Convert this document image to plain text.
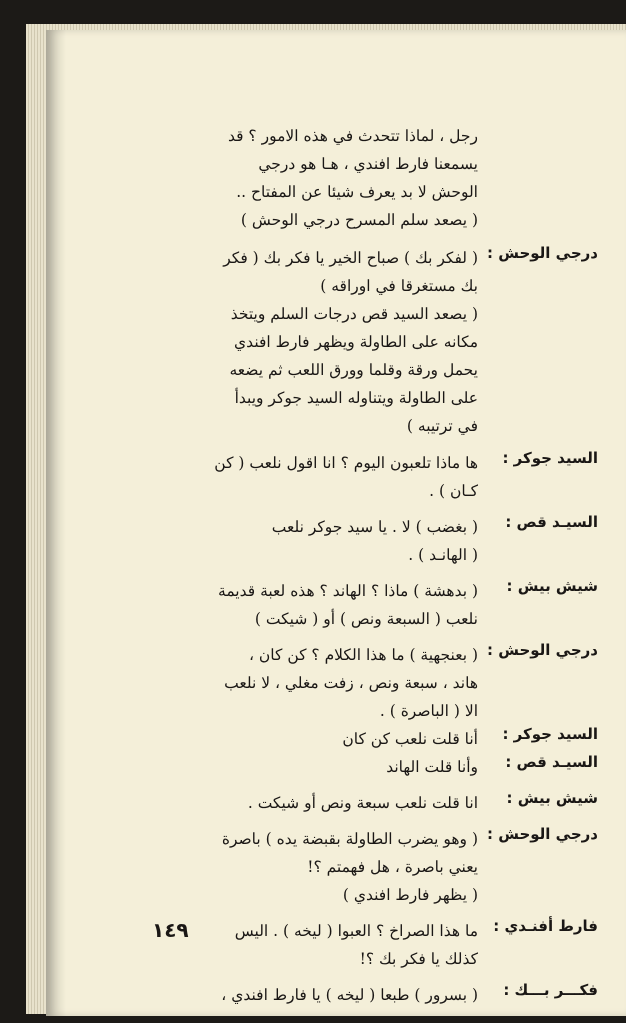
رجل ، لماذا تتحدث في هذه الامور ؟ قد
يسمعنا فارط افندي ، هـا هو درجي
الوحش لا بد يعرف شيئا عن المفتاح ..
( يصعد سلم المسرح درجي الوحش )
درجي الوحش :
( لفكر بك ) صباح الخير يا فكر بك ( فكر
بك مستغرقا في اوراقه )
( يصعد السيد قص درجات السلم ويتخذ
مكانه على الطاولة ويظهر فارط افندي
يحمل ورقة وقلما وورق اللعب ثم يضعه
على الطاولة ويتناوله السيد جوكر ويبدأ
في ترتيبه )
السيد جوكر :
ها ماذا تلعبون اليوم ؟ انا اقول نلعب ( كن
كـان ) .
السيـد قص :
( بغضب ) لا . يا سيد جوكر نلعب
( الهانـد ) .
شيش بيش :
( بدهشة ) ماذا ؟ الهاند ؟ هذه لعبة قديمة
نلعب ( السبعة ونص ) أو ( شيكت )
درجي الوحش :
( بعنجهية ) ما هذا الكلام ؟ كن كان ،
هاند ، سبعة ونص ، زفت مغلي ، لا نلعب
الا ( الباصرة ) .
السيد جوكر :
أنا قلت نلعب كن كان
السيـد قص :
وأنا قلت الهاند
شيش بيش :
انا قلت نلعب سبعة ونص أو شيكت .
درجي الوحش :
( وهو يضرب الطاولة بقبضة يده ) باصرة
يعني باصرة ، هل فهمتم ؟!
( يظهر فارط افندي )
فارط أفنـدي :
ما هذا الصراخ ؟ العبوا ( ليخه ) . اليس
كذلك يا فكر بك ؟!
فكـــر بـــك :
( بسرور ) طبعا ( ليخه ) يا فارط افندي ،
١٤٩
